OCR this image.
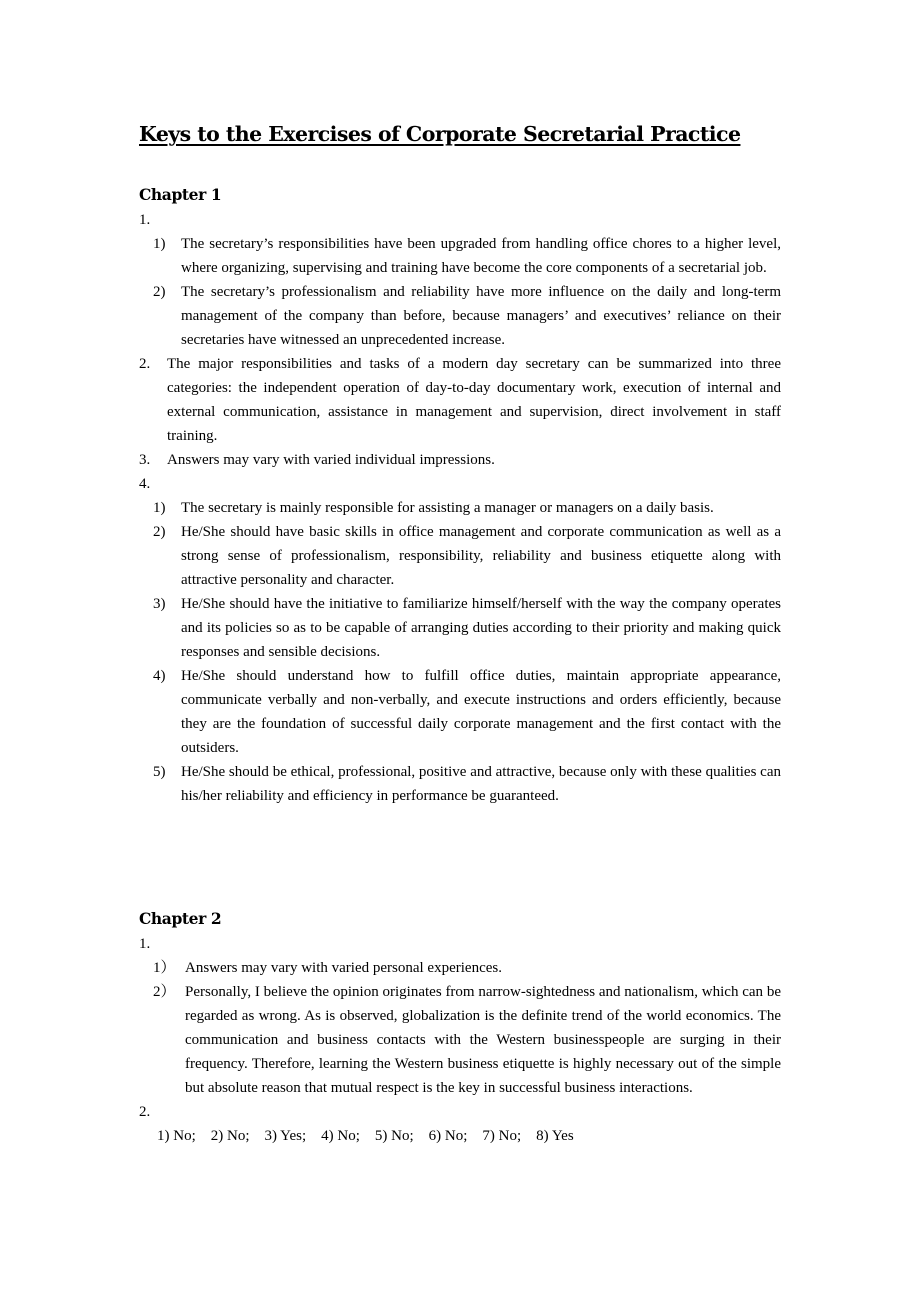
Keys to the Exercises of Corporate Secretarial Practice
Chapter 1
1.
1)	The secretary’s responsibilities have been upgraded from handling office chores to a higher level, where organizing, supervising and training have become the core components of a secretarial job.
2)	The secretary’s professionalism and reliability have more influence on the daily and long-term management of the company than before, because managers’ and executives’ reliance on their secretaries have witnessed an unprecedented increase.
2.	The major responsibilities and tasks of a modern day secretary can be summarized into three categories: the independent operation of day-to-day documentary work, execution of internal and external communication, assistance in management and supervision, direct involvement in staff training.
3.	Answers may vary with varied individual impressions.
4.
1)	The secretary is mainly responsible for assisting a manager or managers on a daily basis.
2)	He/She should have basic skills in office management and corporate communication as well as a strong sense of professionalism, responsibility, reliability and business etiquette along with attractive personality and character.
3)	He/She should have the initiative to familiarize himself/herself with the way the company operates and its policies so as to be capable of arranging duties according to their priority and making quick responses and sensible decisions.
4)	He/She should understand how to fulfill office duties, maintain appropriate appearance, communicate verbally and non-verbally, and execute instructions and orders efficiently, because they are the foundation of successful daily corporate management and the first contact with the outsiders.
5)	He/She should be ethical, professional, positive and attractive, because only with these qualities can his/her reliability and efficiency in performance be guaranteed.
Chapter 2
1.
1） Answers may vary with varied personal experiences.
2） Personally, I believe the opinion originates from narrow-sightedness and nationalism, which can be regarded as wrong. As is observed, globalization is the definite trend of the world economics. The communication and business contacts with the Western businesspeople are surging in their frequency. Therefore, learning the Western business etiquette is highly necessary out of the simple but absolute reason that mutual respect is the key in successful business interactions.
2.
1) No;    2) No;    3) Yes;    4) No;    5) No;    6) No;    7) No;    8) Yes
